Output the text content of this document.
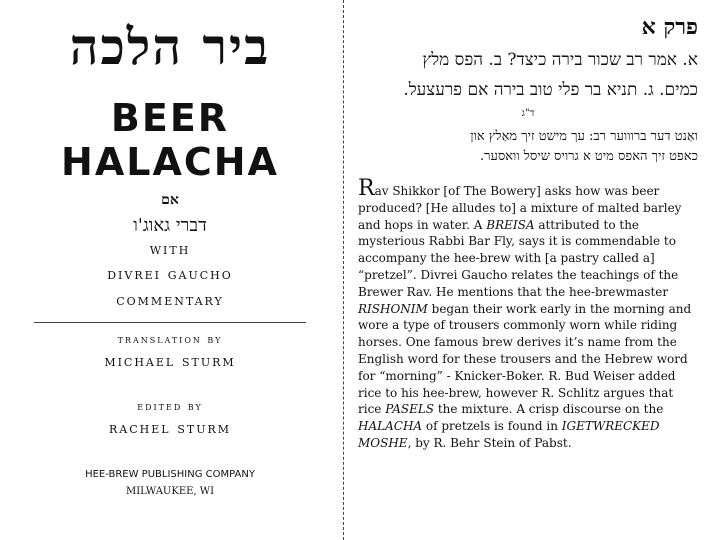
ביר הלכה
BEER HALACHA
אם
דברי גאוג'ו
with
divrei gaucho
commentary
translation by
michael sturm
edited by
rachel sturm
HEE-BREW PUBLISHING COMPANY
MILWAUKEE, WI
פרק א
א. אמר רב שכור בירה כיצד? ב. הפס מלץ
כמים. ג. תניא בר פלי טוב בירה אם פרעצעל.
ד"ג
ואַנט דער ברוווער רב: עך מישט זיך מאַלץ און
כאפט זיך האפס מיט א גרויס שיסל וואסער.
Rav Shikkor [of The Bowery] asks how was beer produced? [He alludes to] a mixture of malted barley and hops in water. A BREISA attributed to the mysterious Rabbi Bar Fly, says it is commendable to accompany the hee-brew with [a pastry called a] “pretzel”. Divrei Gaucho relates the teachings of the Brewer Rav. He mentions that the hee-brewmaster RISHONIM began their work early in the morning and wore a type of trousers commonly worn while riding horses. One famous brew derives it’s name from the English word for these trousers and the Hebrew word for “morning” - Knicker-Boker. R. Bud Weiser added rice to his hee-brew, however R. Schlitz argues that rice PASELS the mixture. A crisp discourse on the HALACHA of pretzels is found in IGETWRECKED MOSHE, by R. Behr Stein of Pabst.
